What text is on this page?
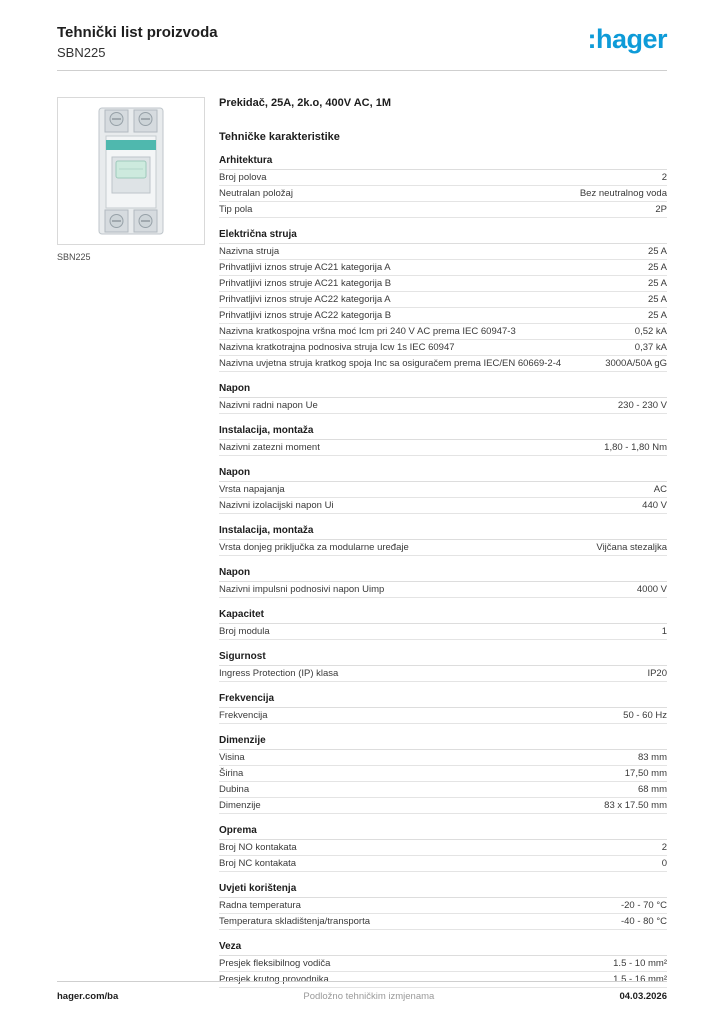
Tehnički list proizvoda
SBN225	:hager
SBN225
Prekidač, 25A, 2k.o, 400V AC, 1M
Tehničke karakteristike
Arhitektura
Broj polova	2
Neutralan položaj	Bez neutralnog voda
Tip pola	2P
Električna struja
Nazivna struja	25 A
Prihvatljivi iznos struje AC21 kategorija A	25 A
Prihvatljivi iznos struje AC21 kategorija B	25 A
Prihvatljivi iznos struje AC22 kategorija A	25 A
Prihvatljivi iznos struje AC22 kategorija B	25 A
Nazivna kratkospojna vršna moć Icm pri 240 V AC prema IEC 60947-3	0,52 kA
Nazivna kratkotrajna podnosiva struja Icw 1s IEC 60947	0,37 kA
Nazivna uvjetna struja kratkog spoja Inc sa osiguračem prema IEC/EN 60669-2-4	3000A/50A gG
Napon
Nazivni radni napon Ue	230 - 230 V
Instalacija, montaža
Nazivni zatezni moment	1,80 - 1,80 Nm
Napon
Vrsta napajanja	AC
Nazivni izolacijski napon Ui	440 V
Instalacija, montaža
Vrsta donjeg priključka za modularne uređaje	Vijčana stezaljka
Napon
Nazivni impulsni podnosivi napon Uimp	4000 V
Kapacitet
Broj modula	1
Sigurnost
Ingress Protection (IP) klasa	IP20
Frekvencija
Frekvencija	50 - 60 Hz
Dimenzije
Visina	83 mm
Širina	17,50 mm
Dubina	68 mm
Dimenzije	83 x 17.50 mm
Oprema
Broj NO kontakata	2
Broj NC kontakata	0
Uvjeti korištenja
Radna temperatura	-20 - 70 °C
Temperatura skladištenja/transporta	-40 - 80 °C
Veza
Presjek fleksibilnog vodiča	1.5 - 10 mm²
Presjek krutog provodnika	1.5 - 16 mm²
hager.com/ba	Podložno tehničkim izmjenama	04.03.2026
